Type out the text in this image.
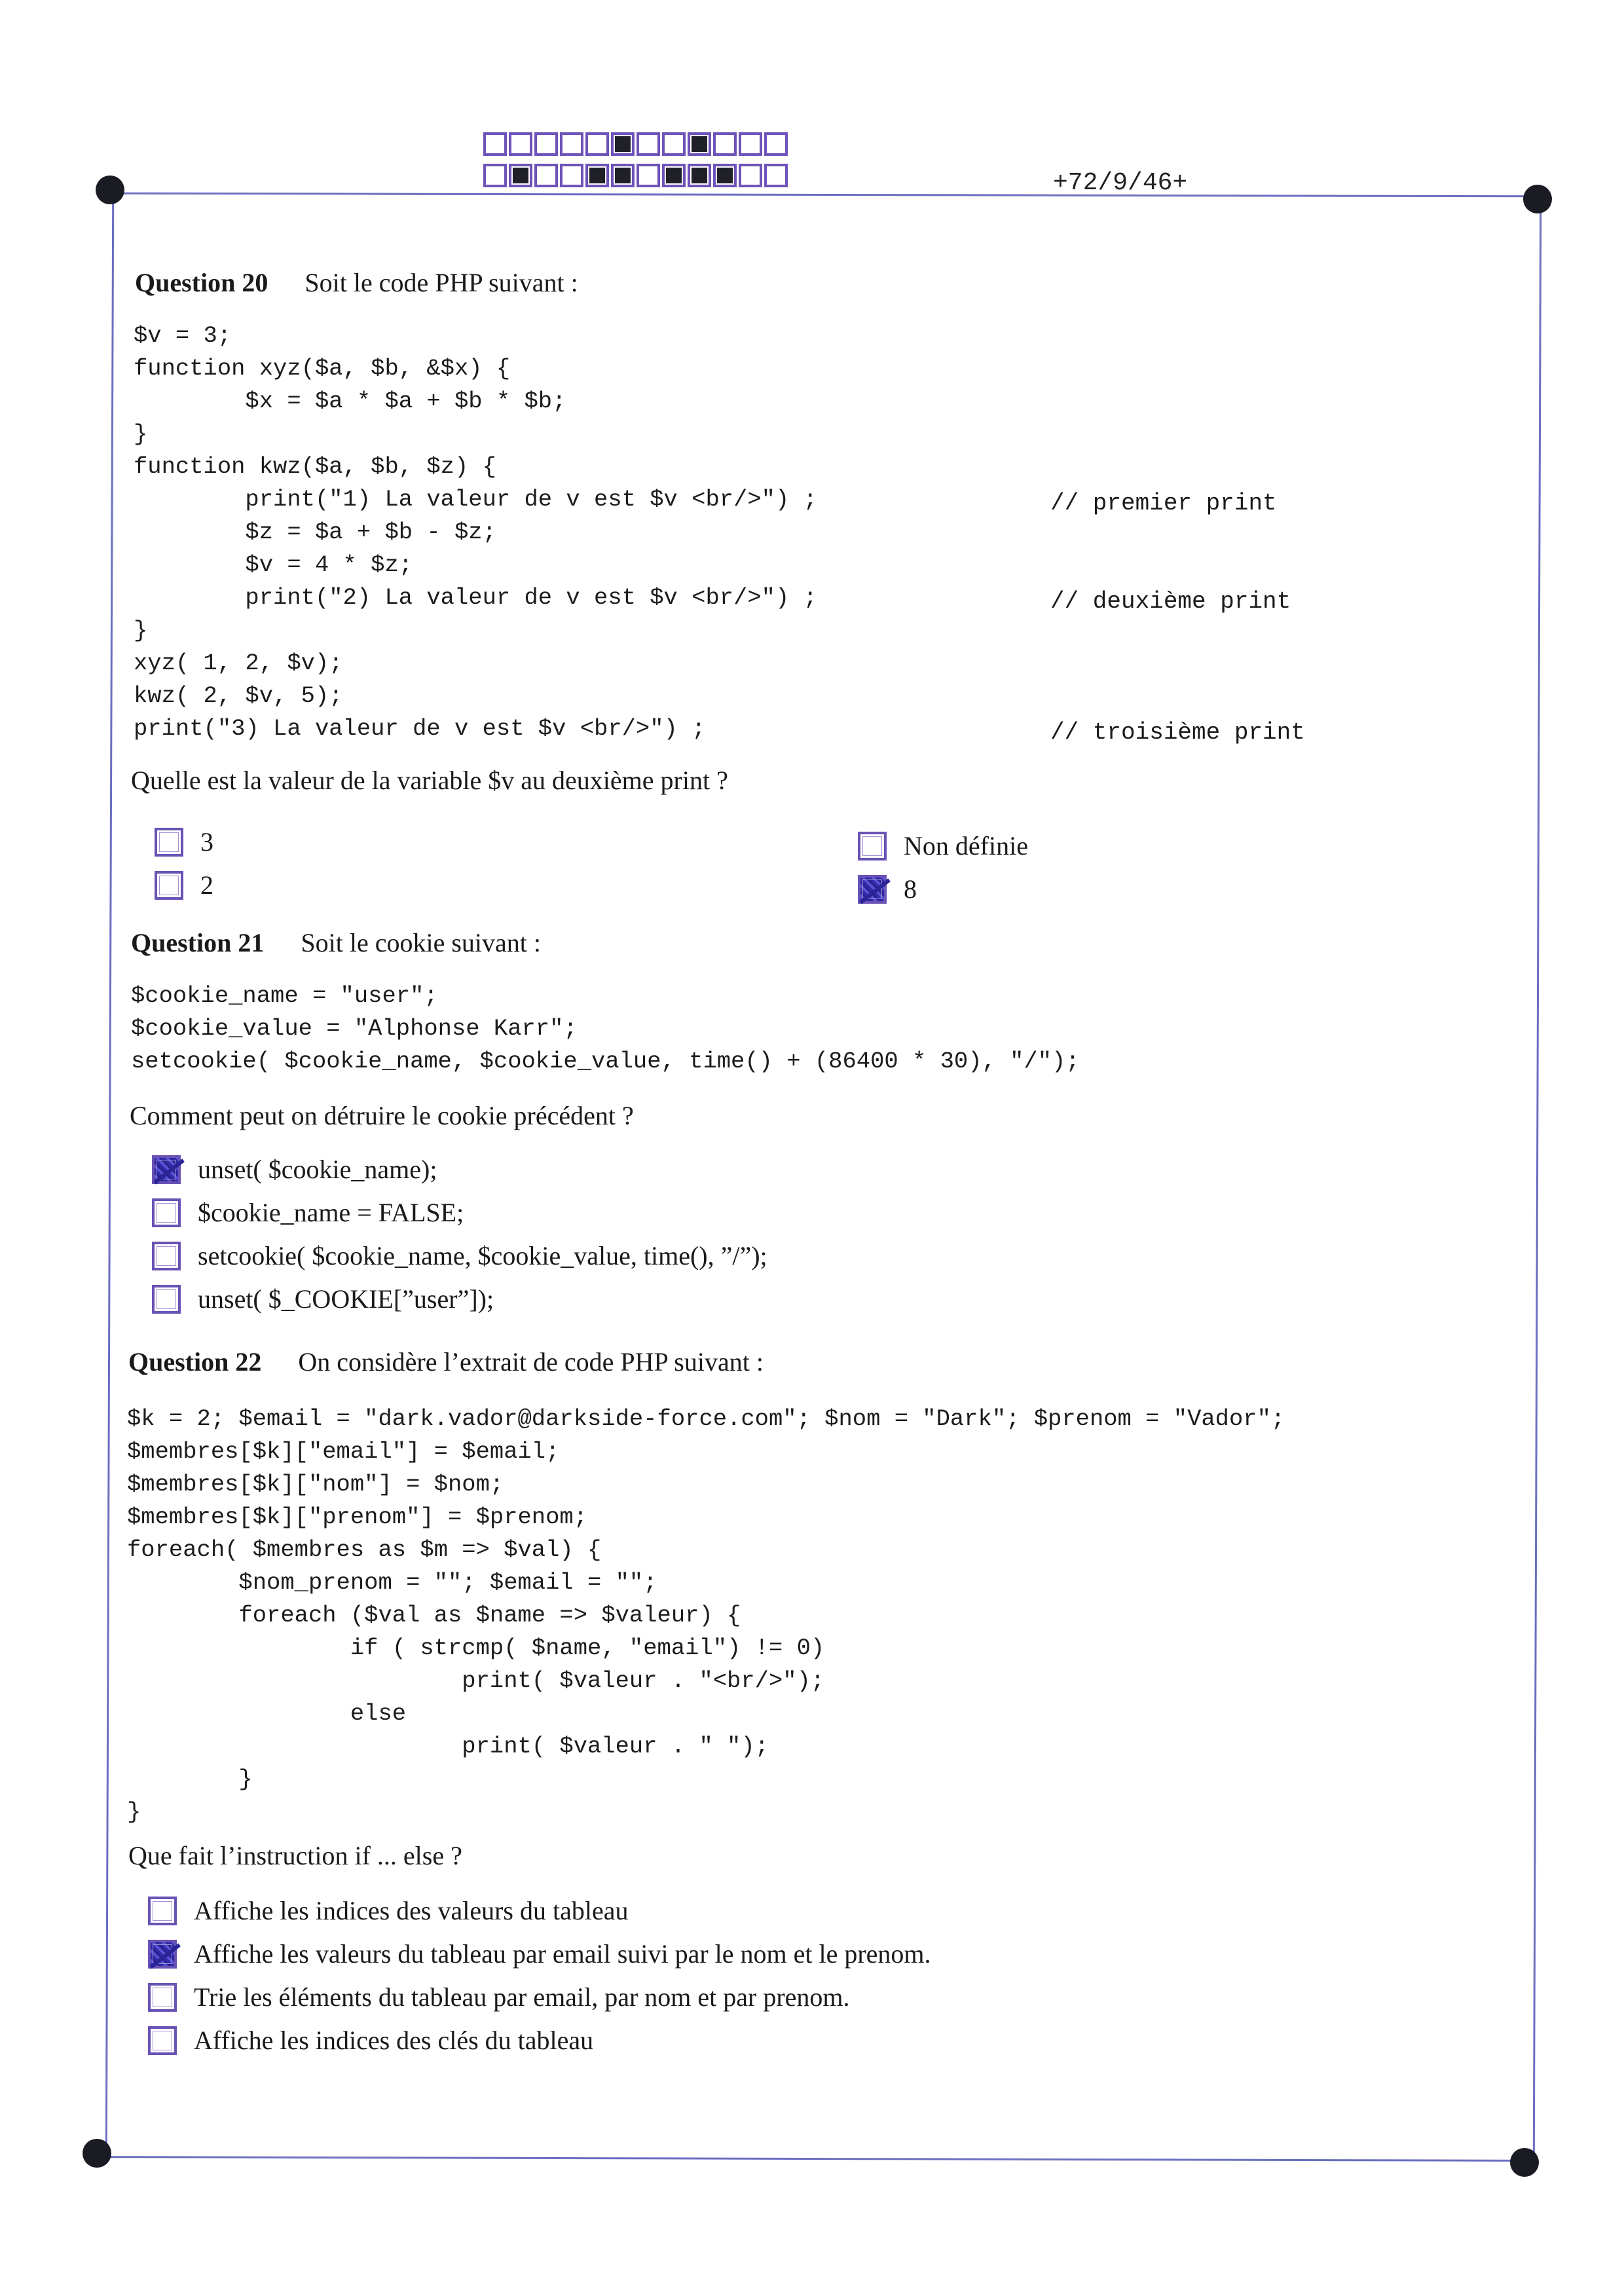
+72/9/46+
Question 20 Soit le code PHP suivant :
$v = 3;
function xyz($a, $b, &$x) {
$x = $a * $a + $b * $b;
}
function kwz($a, $b, $z) {
print("1) La valeur de v est $v <br/>") ;
$z = $a + $b - $z;
$v = 4 * $z;
print("2) La valeur de v est $v <br/>") ;
}
xyz( 1, 2, $v);
kwz( 2, $v, 5);
print("3) La valeur de v est $v <br/>") ;
// premier print
// deuxième print
// troisième print
Quelle est la valeur de la variable $v au deuxième print ?
3
2
Non définie
8
Question 21 Soit le cookie suivant :
$cookie_name = "user";
$cookie_value = "Alphonse Karr";
setcookie( $cookie_name, $cookie_value, time() + (86400 * 30), "/");
Comment peut on détruire le cookie précédent ?
unset( $cookie_name);
$cookie_name = FALSE;
setcookie( $cookie_name, $cookie_value, time(), ”/”);
unset( $_COOKIE[”user”]);
Question 22 On considère l’extrait de code PHP suivant :
$k = 2; $email = "dark.vador@darkside-force.com"; $nom = "Dark"; $prenom = "Vador";
$membres[$k]["email"] = $email;
$membres[$k]["nom"] = $nom;
$membres[$k]["prenom"] = $prenom;
foreach( $membres as $m => $val) {
$nom_prenom = ""; $email = "";
foreach ($val as $name => $valeur) {
if ( strcmp( $name, "email") != 0)
print( $valeur . "<br/>");
else
print( $valeur . " ");
}
}
Que fait l’instruction if ... else ?
Affiche les indices des valeurs du tableau
Affiche les valeurs du tableau par email suivi par le nom et le prenom.
Trie les éléments du tableau par email, par nom et par prenom.
Affiche les indices des clés du tableau
